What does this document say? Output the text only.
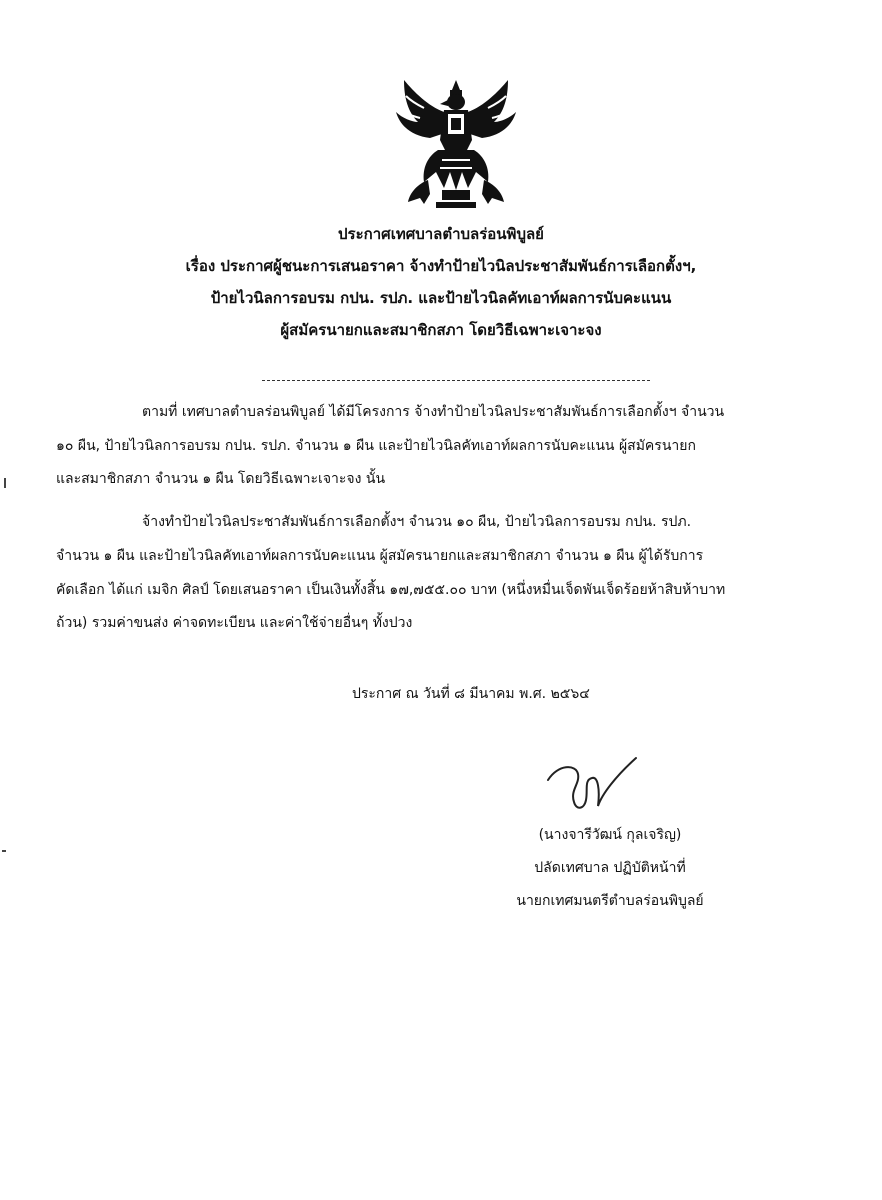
ประกาศเทศบาลตำบลร่อนพิบูลย์
เรื่อง ประกาศผู้ชนะการเสนอราคา จ้างทำป้ายไวนิลประชาสัมพันธ์การเลือกตั้งฯ,
ป้ายไวนิลการอบรม กปน. รปภ. และป้ายไวนิลคัทเอาท์ผลการนับคะแนน
ผู้สมัครนายกและสมาชิกสภา โดยวิธีเฉพาะเจาะจง
ตามที่ เทศบาลตำบลร่อนพิบูลย์ ได้มีโครงการ จ้างทำป้ายไวนิลประชาสัมพันธ์การเลือกตั้งฯ จำนวน
๑๐ ผืน, ป้ายไวนิลการอบรม กปน. รปภ. จำนวน ๑ ผืน และป้ายไวนิลคัทเอาท์ผลการนับคะแนน ผู้สมัครนายก
และสมาชิกสภา จำนวน ๑ ผืน โดยวิธีเฉพาะเจาะจง นั้น
จ้างทำป้ายไวนิลประชาสัมพันธ์การเลือกตั้งฯ จำนวน ๑๐ ผืน, ป้ายไวนิลการอบรม กปน. รปภ.
จำนวน ๑ ผืน และป้ายไวนิลคัทเอาท์ผลการนับคะแนน ผู้สมัครนายกและสมาชิกสภา จำนวน ๑ ผืน ผู้ได้รับการ
คัดเลือก ได้แก่ เมจิก ศิลป์ โดยเสนอราคา เป็นเงินทั้งสิ้น ๑๗,๗๕๕.๐๐ บาท (หนึ่งหมื่นเจ็ดพันเจ็ดร้อยห้าสิบห้าบาท
ถ้วน) รวมค่าขนส่ง ค่าจดทะเบียน และค่าใช้จ่ายอื่นๆ ทั้งปวง
ประกาศ ณ วันที่ ๘ มีนาคม พ.ศ. ๒๕๖๔
(นางจารีวัฒน์ กุลเจริญ)
ปลัดเทศบาล ปฏิบัติหน้าที่
นายกเทศมนตรีตำบลร่อนพิบูลย์
